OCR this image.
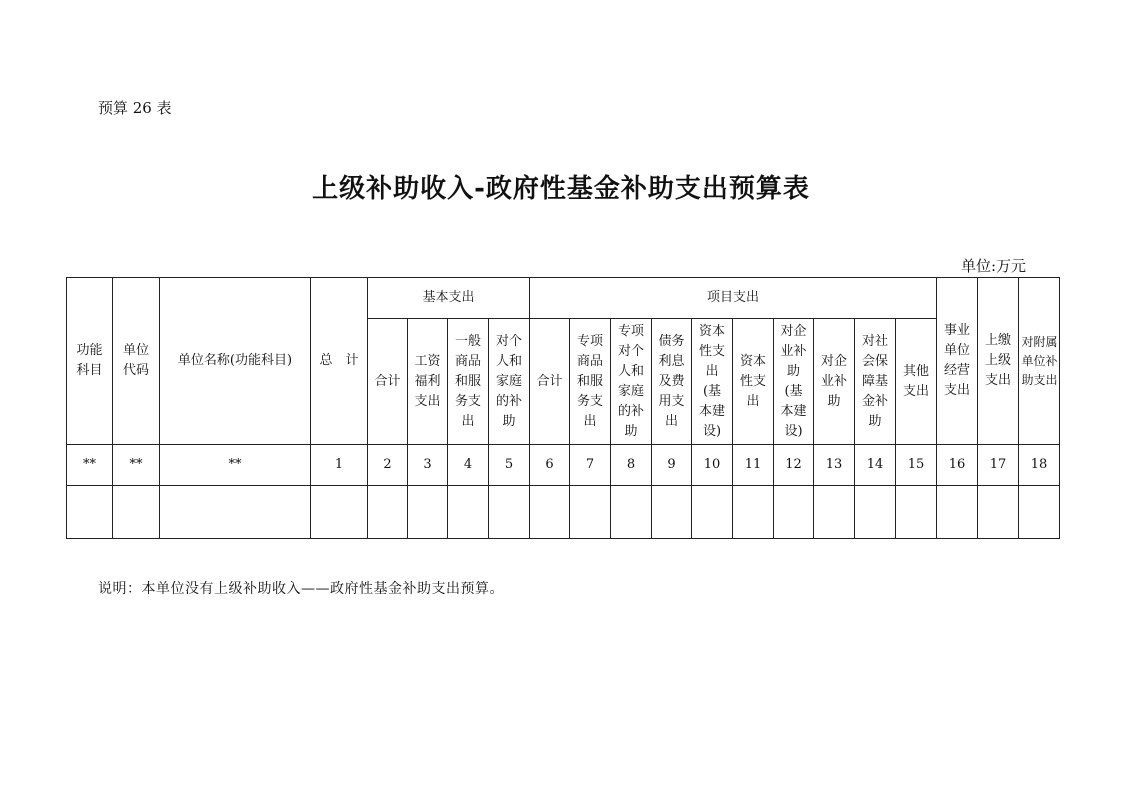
预算 26 表
上级补助收入-政府性基金补助支出预算表
单位:万元
功能科目	单位代码	单位名称(功能科目)	总　计	基本支出				项目支出										事业单位经营支出	上缴上级支出	对附属单位补助支出

				合计	工资福利支出	一般商品和服务支出	对个人和家庭的补助	合计	专项商品和服务支出	专项对个人和家庭的补助	债务利息及费用支出	资本性支出(基本建设)	资本性支出	对企业补助(基本建设)	对企业补助	对社会保障基金补助	其他支出			

**	**	**	1	2	3	4	5	6	7	8	9	10	11	12	13	14	15	16	17	18

说明：本单位没有上级补助收入——政府性基金补助支出预算。
